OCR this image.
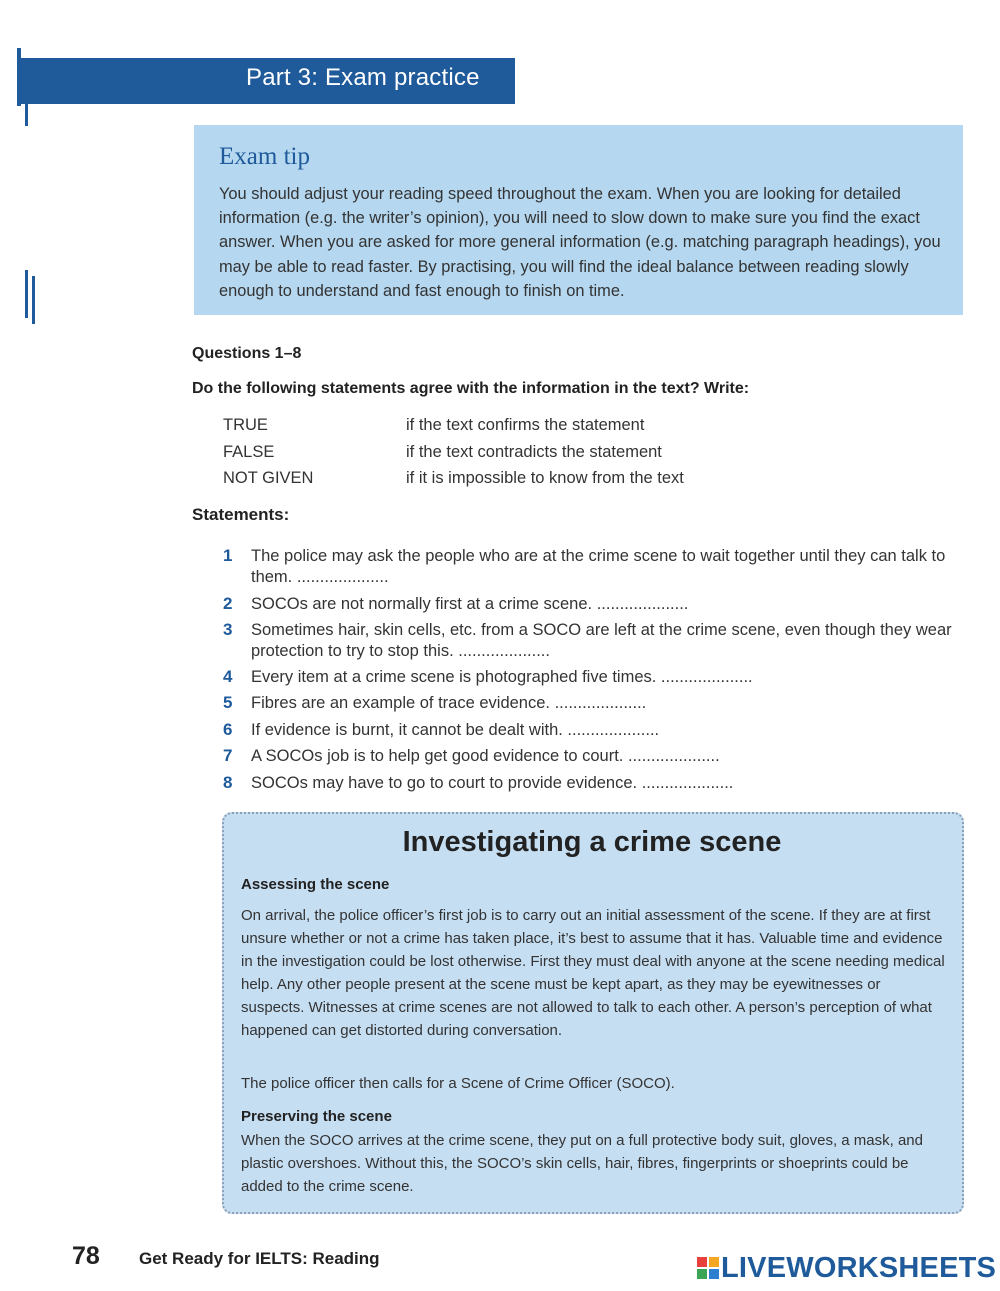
Part 3: Exam practice
Exam tip
You should adjust your reading speed throughout the exam. When you are looking for detailed information (e.g. the writer’s opinion), you will need to slow down to make sure you find the exact answer. When you are asked for more general information (e.g. matching paragraph headings), you may be able to read faster. By practising, you will find the ideal balance between reading slowly enough to understand and fast enough to finish on time.
Questions 1–8
Do the following statements agree with the information in the text? Write:
TRUE	if the text confirms the statement
FALSE	if the text contradicts the statement
NOT GIVEN	if it is impossible to know from the text
Statements:
1 The police may ask the people who are at the crime scene to wait together until they can talk to them. ....................
2 SOCOs are not normally first at a crime scene. ....................
3 Sometimes hair, skin cells, etc. from a SOCO are left at the crime scene, even though they wear protection to try to stop this. ....................
4 Every item at a crime scene is photographed five times. ....................
5 Fibres are an example of trace evidence. ....................
6 If evidence is burnt, it cannot be dealt with. ....................
7 A SOCOs job is to help get good evidence to court. ....................
8 SOCOs may have to go to court to provide evidence. ....................
Investigating a crime scene
Assessing the scene
On arrival, the police officer’s first job is to carry out an initial assessment of the scene. If they are at first unsure whether or not a crime has taken place, it’s best to assume that it has. Valuable time and evidence in the investigation could be lost otherwise. First they must deal with anyone at the scene needing medical help. Any other people present at the scene must be kept apart, as they may be eyewitnesses or suspects. Witnesses at crime scenes are not allowed to talk to each other. A person’s perception of what happened can get distorted during conversation.
The police officer then calls for a Scene of Crime Officer (SOCO).
Preserving the scene
When the SOCO arrives at the crime scene, they put on a full protective body suit, gloves, a mask, and plastic overshoes. Without this, the SOCO’s skin cells, hair, fibres, fingerprints or shoeprints could be added to the crime scene.
78 Get Ready for IELTS: Reading	LIVEWORKSHEETS
